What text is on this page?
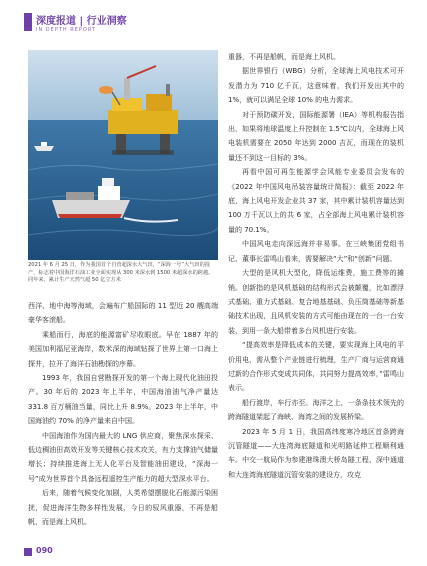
深度报道 | 行业洞察
IN DEPTH REPORT
2021 年 6 月 25 日，作为我国首个自营超深水大气田，“深海一号”大气田的投产，标志着中国海洋石油工业全面实现从 300 米深水到 1500 米超深水的跨越。同年来，累计生产天然气超 50 亿立方米

西洋、地中海等海域，会遍布广船国际的 11 型近 20 艘高端豪华客滚船。

乘船而行，海底的能源富矿尽收眼底。早在 1887 年的美国加利福尼亚海岸，数米深的海域钻探了世界上第一口海上探井，拉开了海洋石油勘探的序幕。

1993 年，我国自营勘探开发的第一个海上现代化油田投产。30 年后的 2023 年上半年，中国海油油气净产量达 331.8 百万桶油当量，同比上升 8.9%。2023 年上半年，中国海油约 70% 的净产量来自中国。

中国海油作为国内最大的 LNG 供应商，聚焦深水探采、低边稠油田高效开发等关键核心技术攻关，有力支撑油气储量增长；持续推进海上无人化平台及智能油田建设，“深海一号”成为世界首个具备远程遥控生产能力的超大型深水平台。

后来，随着气候变化加剧，人类希望摆脱化石能源污染困扰，促进海洋生物多样性发展，今日的驭风重器，不再是船帆，而是海上风机。

重器，不再是船帆，而是海上风机。

据世界银行（WBG）分析，全球海上风电技术可开发潜力为 710 亿千瓦，这意味着，我们开发出其中的 1%，就可以满足全球 10% 的电力需求。

对于预防碳开发，国际能源署（IEA）等机构报告指出，如果将地球温度上升控制在 1.5℃以内，全球海上风电装机需要在 2050 年达到 2000 吉瓦，而现在的装机量还不到这一目标的 3%。

再看中国可再生能源学会风能专业委员会发布的《2022 年中国风电吊装容量统计简报》：截至 2022 年底，海上风电开发企业共 37 家，其中累计装机容量达到 100 万千瓦以上的共 6 家，占全部海上风电累计装机容量的 70.1%。

中国风电走向深远海并非易事。在三峡集团党组书记、董事长雷鸣山看来，需要解决“大”和“创新”问题。

大型的是风机大型化，降低运维费，施工费等的摊销。创新指的是风机基础的结构形式会被颠覆，比如漂浮式基础、重力式基础、复合地基基础、负压筒基础等新基础技术出现，且风机安装的方式可能由现在的一台一台安装，到用一条大船带着多台风机进行安装。

“提高效率是降低成本的关键，要实现海上风电的平价用电，需从整个产业链进行梳理，生产厂商与运营商通过新的合作形式变成共同体，共同努力提高效率，”雷鸣山表示。

船行渡岸，车行亦至。海洋之上，一条条技术领先的跨海隧道架起了海峡、海湾之间的发展桥梁。

2023 年 5 月 1 日，我国高纬度寒冷地区首条跨海沉管隧道——大连湾海底隧道和光明路延伸工程顺利通车。中交一航局作为参建港珠澳大桥岛隧工程、深中通道和大连湾海底隧道沉管安装的建设方，攻克

090
